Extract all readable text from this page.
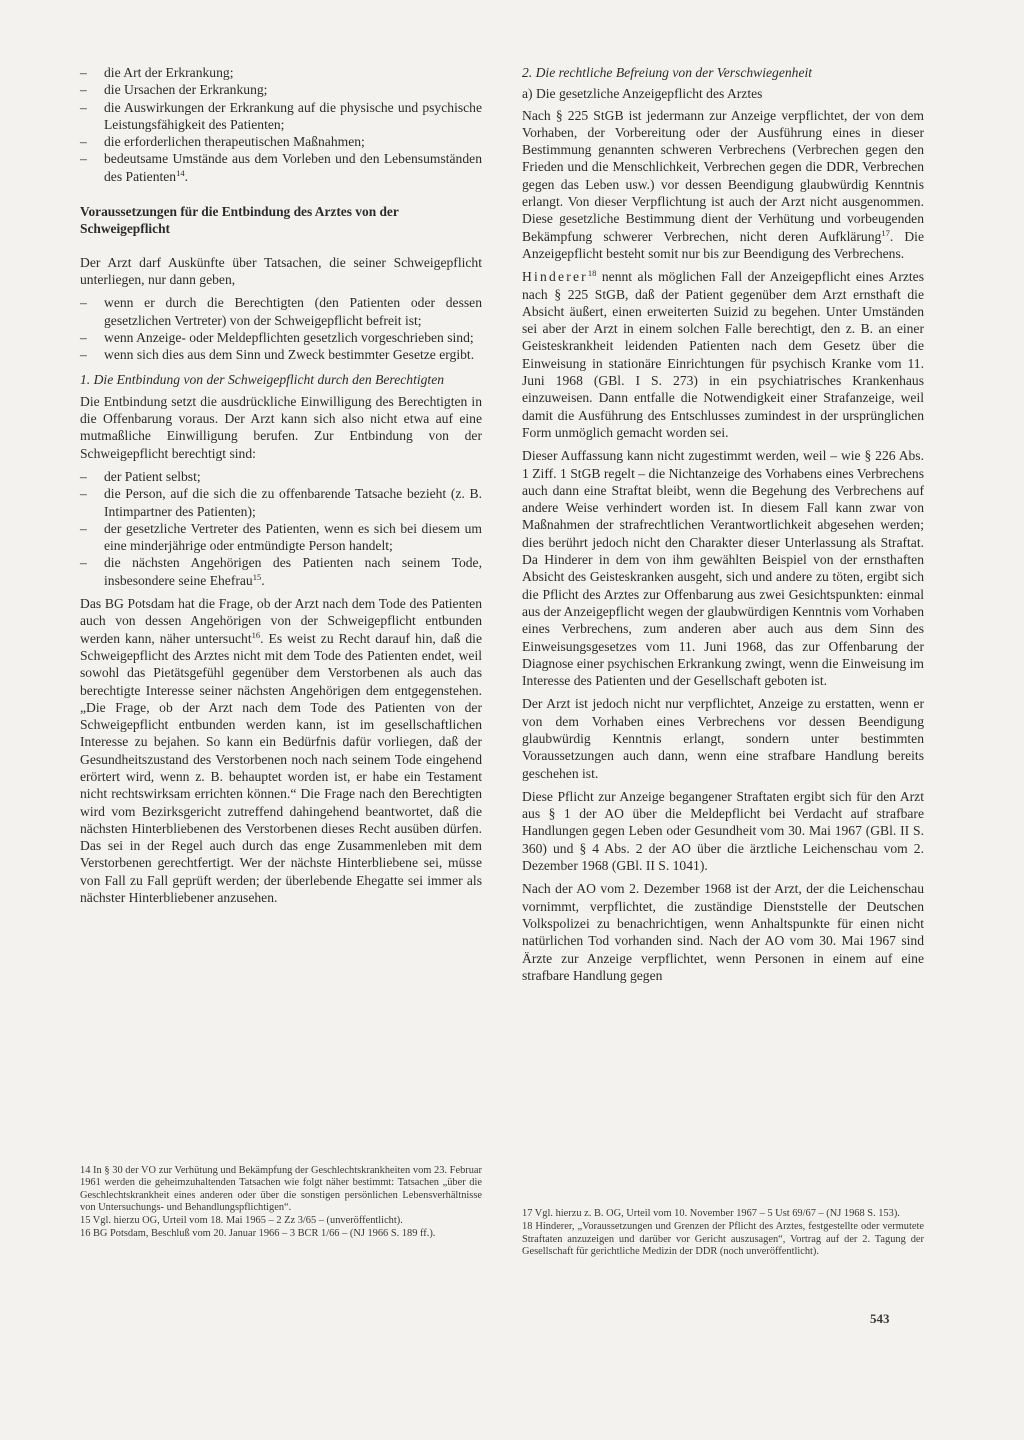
– die Art der Erkrankung;
– die Ursachen der Erkrankung;
– die Auswirkungen der Erkrankung auf die physische und psychische Leistungsfähigkeit des Patienten;
– die erforderlichen therapeutischen Maßnahmen;
– bedeutsame Umstände aus dem Vorleben und den Lebensumständen des Patienten$^{14}$.
Voraussetzungen für die Entbindung des Arztes von der Schweigepflicht

Der Arzt darf Auskünfte über Tatsachen, die seiner Schweigepflicht unterliegen, nur dann geben,

– wenn er durch die Berechtigten (den Patienten oder dessen gesetzlichen Vertreter) von der Schweigepflicht befreit ist;
– wenn Anzeige- oder Meldepflichten gesetzlich vorgeschrieben sind;
– wenn sich dies aus dem Sinn und Zweck bestimmter Gesetze ergibt.
1. Die Entbindung von der Schweigepflicht durch den Berechtigten

Die Entbindung setzt die ausdrückliche Einwilligung des Berechtigten in die Offenbarung voraus. Der Arzt kann sich also nicht etwa auf eine mutmaßliche Einwilligung berufen. Zur Entbindung von der Schweigepflicht berechtigt sind:

– der Patient selbst;
– die Person, auf die sich die zu offenbarende Tatsache bezieht (z. B. Intimpartner des Patienten);
– der gesetzliche Vertreter des Patienten, wenn es sich bei diesem um eine minderjährige oder entmündigte Person handelt;
– die nächsten Angehörigen des Patienten nach seinem Tode, insbesondere seine Ehefrau$^{15}$.

Das BG Potsdam hat die Frage, ob der Arzt nach dem Tode des Patienten auch von dessen Angehörigen von der Schweigepflicht entbunden werden kann, näher untersucht$^{16}$. Es weist zu Recht darauf hin, daß die Schweigepflicht des Arztes nicht mit dem Tode des Patienten endet, weil sowohl das Pietätsgefühl gegenüber dem Verstorbenen als auch das berechtigte Interesse seiner nächsten Angehörigen dem entgegenstehen. „Die Frage, ob der Arzt nach dem Tode des Patienten von der Schweigepflicht entbunden werden kann, ist im gesellschaftlichen Interesse zu bejahen. So kann ein Bedürfnis dafür vorliegen, daß der Gesundheitszustand des Verstorbenen noch nach seinem Tode eingehend erörtert wird, wenn z. B. behauptet worden ist, er habe ein Testament nicht rechtswirksam errichten können.“ Die Frage nach den Berechtigten wird vom Bezirksgericht zutreffend dahingehend beantwortet, daß die nächsten Hinterbliebenen des Verstorbenen dieses Recht ausüben dürfen. Das sei in der Regel auch durch das enge Zusammenleben mit dem Verstorbenen gerechtfertigt. Wer der nächste Hinterbliebene sei, müsse von Fall zu Fall geprüft werden; der überlebende Ehegatte sei immer als nächster Hinterbliebener anzusehen.

14 In § 30 der VO zur Verhütung und Bekämpfung der Geschlechtskrankheiten vom 23. Februar 1961 werden die geheimzuhaltenden Tatsachen wie folgt näher bestimmt: Tatsachen „über die Geschlechtskrankheit eines anderen oder über die sonstigen persönlichen Lebensverhältnisse von Untersuchungs- und Behandlungspflichtigen“.

15 Vgl. hierzu OG, Urteil vom 18. Mai 1965 – 2 Zz 3/65 – (unveröffentlicht).

16 BG Potsdam, Beschluß vom 20. Januar 1966 – 3 BCR 1/66 – (NJ 1966 S. 189 ff.).

2. Die rechtliche Befreiung von der Verschwiegenheit
a) Die gesetzliche Anzeigepflicht des Arztes

Nach § 225 StGB ist jedermann zur Anzeige verpflichtet, der von dem Vorhaben, der Vorbereitung oder der Ausführung eines in dieser Bestimmung genannten schweren Verbrechens (Verbrechen gegen den Frieden und die Menschlichkeit, Verbrechen gegen die DDR, Verbrechen gegen das Leben usw.) vor dessen Beendigung glaubwürdig Kenntnis erlangt. Von dieser Verpflichtung ist auch der Arzt nicht ausgenommen. Diese gesetzliche Bestimmung dient der Verhütung und vorbeugenden Bekämpfung schwerer Verbrechen, nicht deren Aufklärung$^{17}$. Die Anzeigepflicht besteht somit nur bis zur Beendigung des Verbrechens.

Hinderer$^{18}$ nennt als möglichen Fall der Anzeigepflicht eines Arztes nach § 225 StGB, daß der Patient gegenüber dem Arzt ernsthaft die Absicht äußert, einen erweiterten Suizid zu begehen. Unter Umständen sei aber der Arzt in einem solchen Falle berechtigt, den z. B. an einer Geisteskrankheit leidenden Patienten nach dem Gesetz über die Einweisung in stationäre Einrichtungen für psychisch Kranke vom 11. Juni 1968 (GBl. I S. 273) in ein psychiatrisches Krankenhaus einzuweisen. Dann entfalle die Notwendigkeit einer Strafanzeige, weil damit die Ausführung des Entschlusses zumindest in der ursprünglichen Form unmöglich gemacht worden sei.

Dieser Auffassung kann nicht zugestimmt werden, weil – wie § 226 Abs. 1 Ziff. 1 StGB regelt – die Nichtanzeige des Vorhabens eines Verbrechens auch dann eine Straftat bleibt, wenn die Begehung des Verbrechens auf andere Weise verhindert worden ist. In diesem Fall kann zwar von Maßnahmen der strafrechtlichen Verantwortlichkeit abgesehen werden; dies berührt jedoch nicht den Charakter dieser Unterlassung als Straftat. Da Hinderer in dem von ihm gewählten Beispiel von der ernsthaften Absicht des Geisteskranken ausgeht, sich und andere zu töten, ergibt sich die Pflicht des Arztes zur Offenbarung aus zwei Gesichtspunkten: einmal aus der Anzeigepflicht wegen der glaubwürdigen Kenntnis vom Vorhaben eines Verbrechens, zum anderen aber auch aus dem Sinn des Einweisungsgesetzes vom 11. Juni 1968, das zur Offenbarung der Diagnose einer psychischen Erkrankung zwingt, wenn die Einweisung im Interesse des Patienten und der Gesellschaft geboten ist.

Der Arzt ist jedoch nicht nur verpflichtet, Anzeige zu erstatten, wenn er von dem Vorhaben eines Verbrechens vor dessen Beendigung glaubwürdig Kenntnis erlangt, sondern unter bestimmten Voraussetzungen auch dann, wenn eine strafbare Handlung bereits geschehen ist.

Diese Pflicht zur Anzeige begangener Straftaten ergibt sich für den Arzt aus § 1 der AO über die Meldepflicht bei Verdacht auf strafbare Handlungen gegen Leben oder Gesundheit vom 30. Mai 1967 (GBl. II S. 360) und § 4 Abs. 2 der AO über die ärztliche Leichenschau vom 2. Dezember 1968 (GBl. II S. 1041).

Nach der AO vom 2. Dezember 1968 ist der Arzt, der die Leichenschau vornimmt, verpflichtet, die zuständige Dienststelle der Deutschen Volkspolizei zu benachrichtigen, wenn Anhaltspunkte für einen nicht natürlichen Tod vorhanden sind. Nach der AO vom 30. Mai 1967 sind Ärzte zur Anzeige verpflichtet, wenn Personen in einem auf eine strafbare Handlung gegen

17 Vgl. hierzu z. B. OG, Urteil vom 10. November 1967 – 5 Ust 69/67 – (NJ 1968 S. 153).

18 Hinderer, „Voraussetzungen und Grenzen der Pflicht des Arztes, festgestellte oder vermutete Straftaten anzuzeigen und darüber vor Gericht auszusagen“, Vortrag auf der 2. Tagung der Gesellschaft für gerichtliche Medizin der DDR (noch unveröffentlicht).

543
